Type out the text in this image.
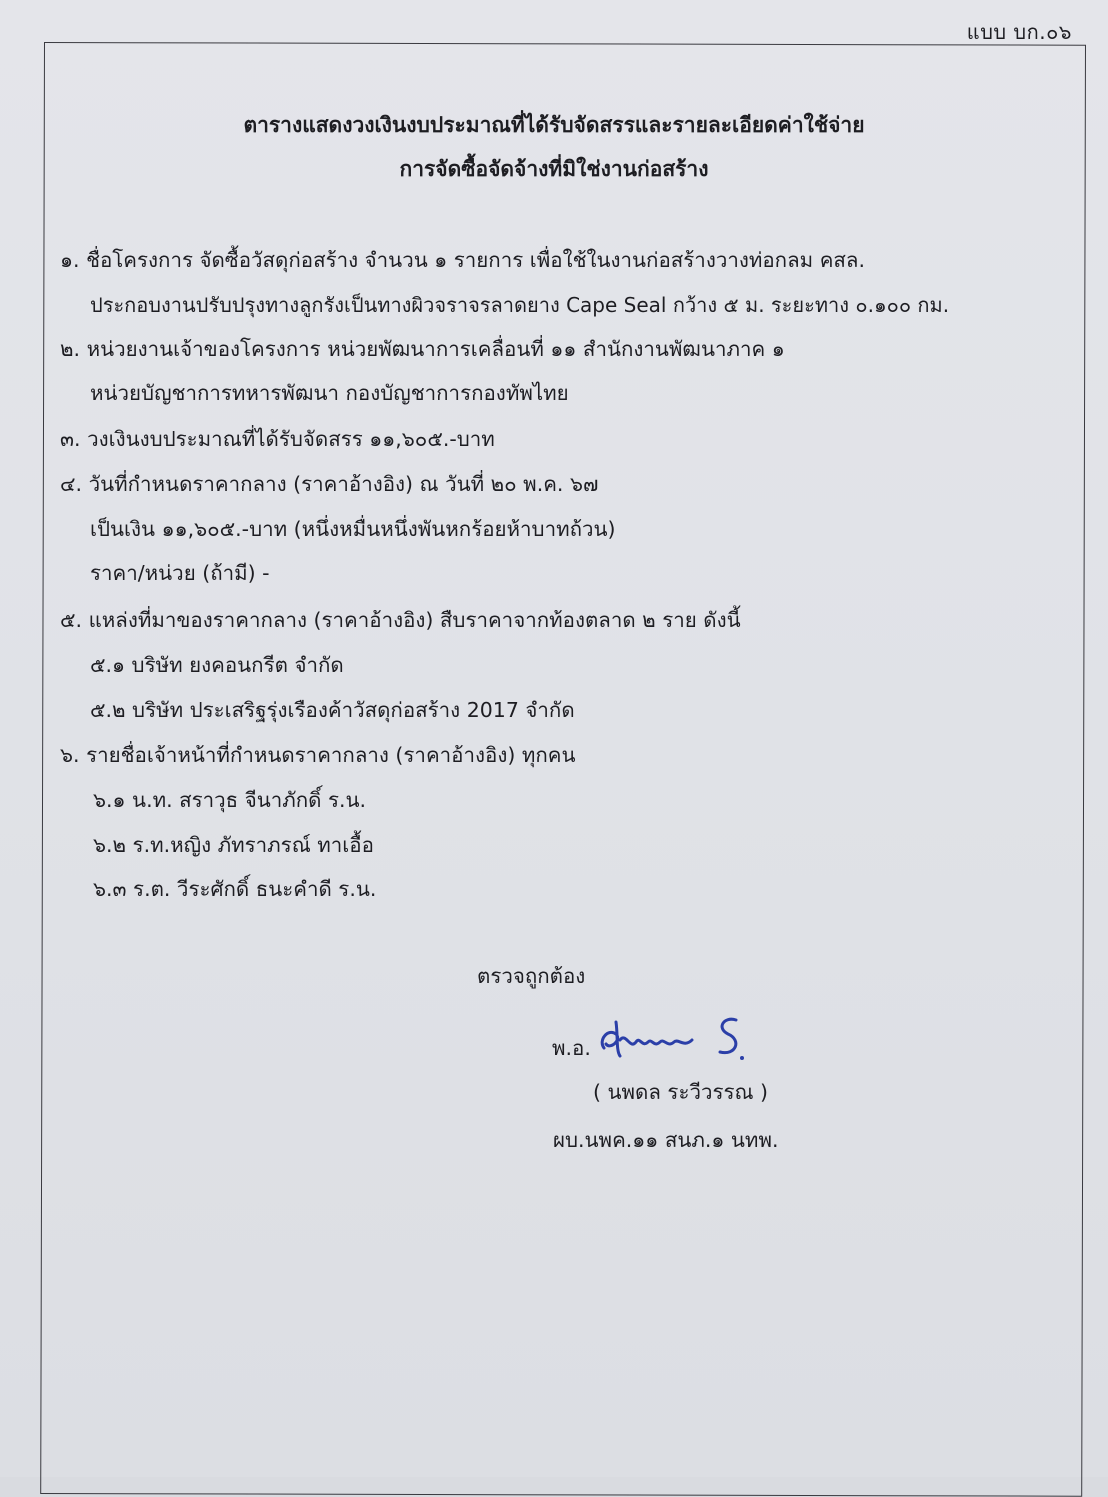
แบบ บก.๐๖
ตารางแสดงวงเงินงบประมาณที่ได้รับจัดสรรและรายละเอียดค่าใช้จ่าย
การจัดซื้อจัดจ้างที่มิใช่งานก่อสร้าง
๑. ชื่อโครงการ จัดซื้อวัสดุก่อสร้าง จำนวน ๑ รายการ เพื่อใช้ในงานก่อสร้างวางท่อกลม คสล.
ประกอบงานปรับปรุงทางลูกรังเป็นทางผิวจราจรลาดยาง Cape Seal กว้าง ๕ ม. ระยะทาง ๐.๑๐๐ กม.
๒. หน่วยงานเจ้าของโครงการ หน่วยพัฒนาการเคลื่อนที่ ๑๑ สำนักงานพัฒนาภาค ๑
หน่วยบัญชาการทหารพัฒนา กองบัญชาการกองทัพไทย
๓. วงเงินงบประมาณที่ได้รับจัดสรร ๑๑,๖๐๕.-บาท
๔. วันที่กำหนดราคากลาง (ราคาอ้างอิง) ณ วันที่ ๒๐ พ.ค. ๖๗
เป็นเงิน ๑๑,๖๐๕.-บาท (หนึ่งหมื่นหนึ่งพันหกร้อยห้าบาทถ้วน)
ราคา/หน่วย (ถ้ามี) -
๕. แหล่งที่มาของราคากลาง (ราคาอ้างอิง) สืบราคาจากท้องตลาด ๒ ราย ดังนี้
๕.๑ บริษัท ยงคอนกรีต จำกัด
๕.๒ บริษัท ประเสริฐรุ่งเรืองค้าวัสดุก่อสร้าง 2017 จำกัด
๖. รายชื่อเจ้าหน้าที่กำหนดราคากลาง (ราคาอ้างอิง) ทุกคน
๖.๑ น.ท. สราวุธ จีนาภักดิ์ ร.น.
๖.๒ ร.ท.หญิง ภัทราภรณ์ ทาเอื้อ
๖.๓ ร.ต. วีระศักดิ์ ธนะคำดี ร.น.
ตรวจถูกต้อง
พ.อ.
( นพดล ระวีวรรณ )
ผบ.นพค.๑๑ สนภ.๑ นทพ.
